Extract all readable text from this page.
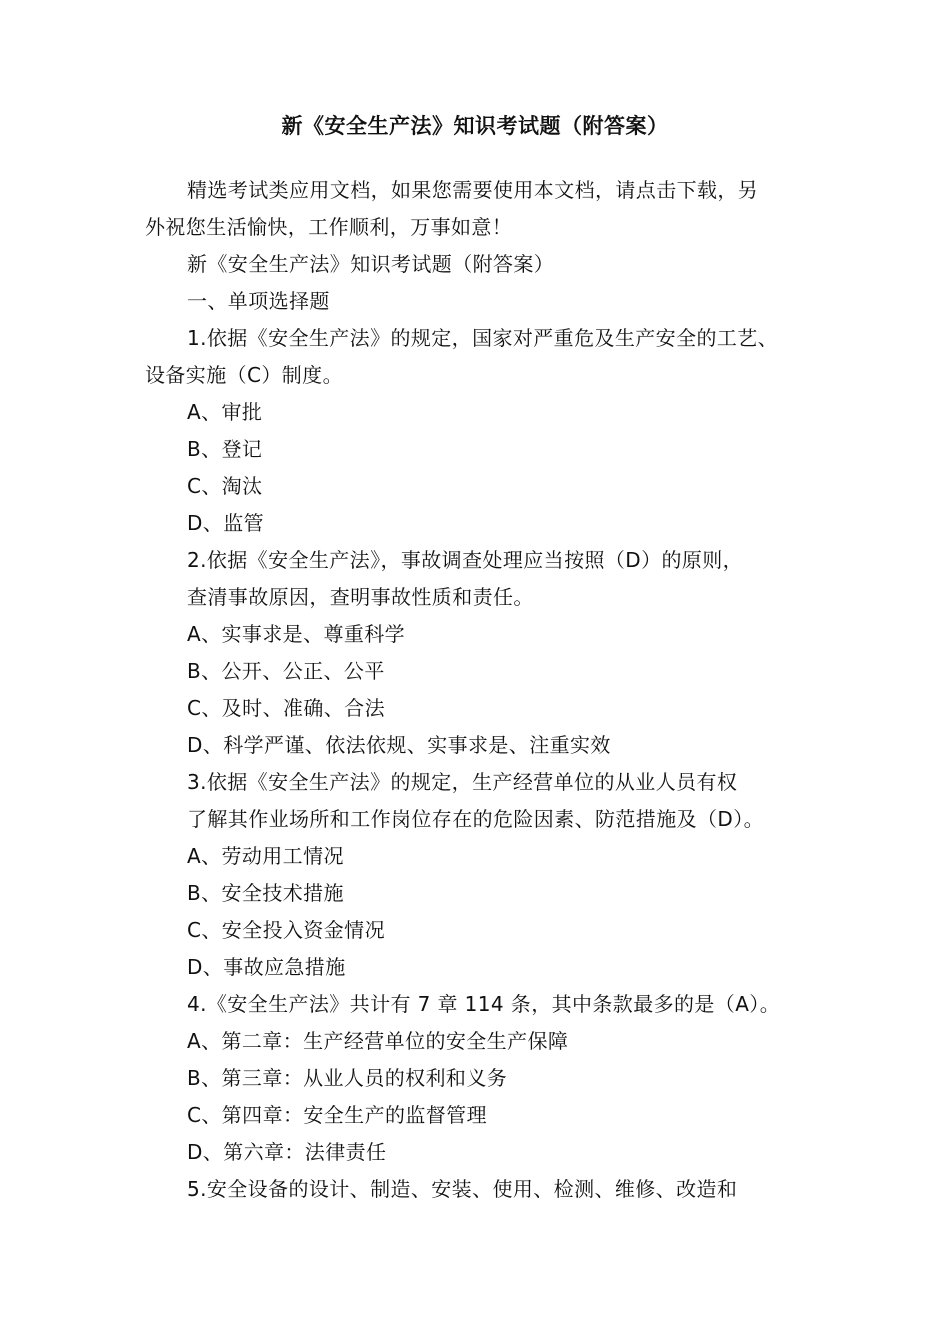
新《安全生产法》知识考试题（附答案）
精选考试类应用文档，如果您需要使用本文档，请点击下载，另
外祝您生活愉快，工作顺利，万事如意！
新《安全生产法》知识考试题（附答案）
一、单项选择题
1.依据《安全生产法》的规定，国家对严重危及生产安全的工艺、
设备实施（C）制度。
A、审批
B、登记
C、淘汰
D、监管
2.依据《安全生产法》，事故调查处理应当按照（D）的原则，
查清事故原因，查明事故性质和责任。
A、实事求是、尊重科学
B、公开、公正、公平
C、及时、准确、合法
D、科学严谨、依法依规、实事求是、注重实效
3.依据《安全生产法》的规定，生产经营单位的从业人员有权
了解其作业场所和工作岗位存在的危险因素、防范措施及（D）。
A、劳动用工情况
B、安全技术措施
C、安全投入资金情况
D、事故应急措施
4.《安全生产法》共计有 7 章 114 条，其中条款最多的是（A）。
A、第二章：生产经营单位的安全生产保障
B、第三章：从业人员的权利和义务
C、第四章：安全生产的监督管理
D、第六章：法律责任
5.安全设备的设计、制造、安装、使用、检测、维修、改造和
